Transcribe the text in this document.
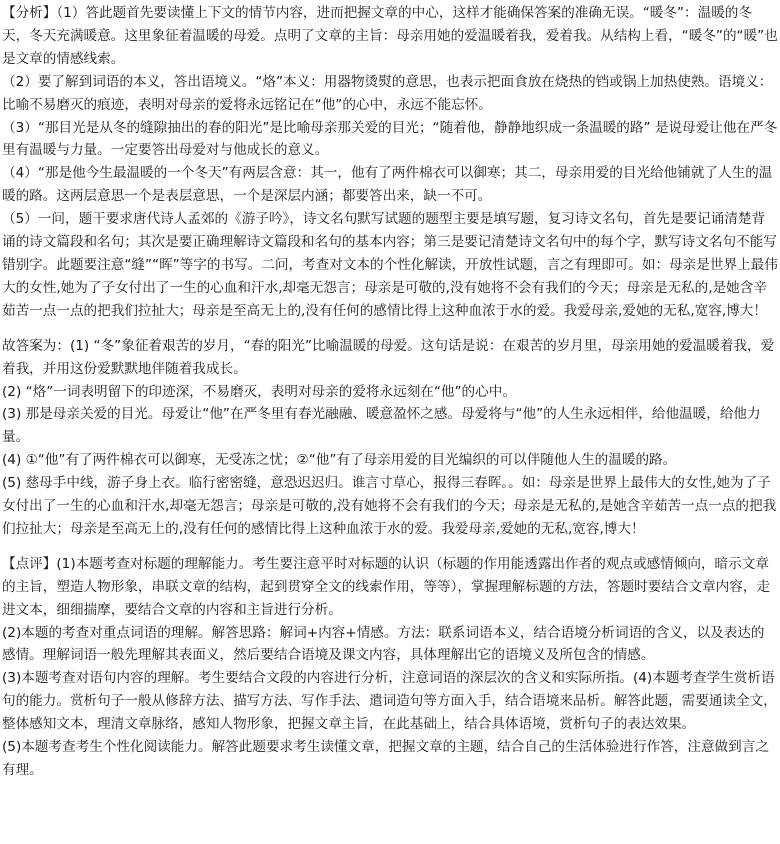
【分析】（1）答此题首先要读懂上下文的情节内容，进而把握文章的中心，这样才能确保答案的准确无误。“暖冬”：温暖的冬天，冬天充满暖意。这里象征着温暖的母爱。点明了文章的主旨：母亲用她的爱温暖着我，爱着我。从结构上看，“暖冬”的“暖”也是文章的情感线索。

（2）要了解到词语的本义，答出语境义。“烙”本义：用器物烫熨的意思，也表示把面食放在烧热的铛或锅上加热使熟。语境义：比喻不易磨灭的痕迹，表明对母亲的爱将永远铭记在“他”的心中，永远不能忘怀。

（3）“那目光是从冬的缝隙抽出的春的阳光”是比喻母亲那关爱的目光；“随着他，静静地织成一条温暖的路” 是说母爱让他在严冬里有温暖与力量。一定要答出母爱对与他成长的意义。

（4）“那是他今生最温暖的一个冬天”有两层含意：其一，他有了两件棉衣可以御寒；其二，母亲用爱的目光给他铺就了人生的温暖的路。这两层意思一个是表层意思，一个是深层内涵；都要答出来，缺一不可。

（5）一问，题干要求唐代诗人孟郊的《游子吟》，诗文名句默写试题的题型主要是填写题，复习诗文名句，首先是要记诵清楚背诵的诗文篇段和名句；其次是要正确理解诗文篇段和名句的基本内容；第三是要记清楚诗文名句中的每个字，默写诗文名句不能写错别字。此题要注意“缝”“晖”等字的书写。二问，考查对文本的个性化解读，开放性试题，言之有理即可。如：母亲是世界上最伟大的女性,她为了子女付出了一生的心血和汗水,却毫无怨言；母亲是可敬的,没有她将不会有我们的今天；母亲是无私的,是她含辛茹苦一点一点的把我们拉扯大；母亲是至高无上的,没有任何的感情比得上这种血浓于水的爱。我爱母亲,爱她的无私,宽容,博大！

故答案为：(1) “冬”象征着艰苦的岁月，“春的阳光”比喻温暖的母爱。这句话是说：在艰苦的岁月里，母亲用她的爱温暖着我，爱着我，并用这份爱默默地伴随着我成长。

(2) “烙”一词表明留下的印迹深，不易磨灭，表明对母亲的爱将永远刻在“他”的心中。

(3) 那是母亲关爱的目光。母爱让“他”在严冬里有春光融融、暖意盈怀之感。母爱将与“他”的人生永远相伴，给他温暖，给他力量。

(4) ①“他”有了两件棉衣可以御寒，无受冻之忧；②“他”有了母亲用爱的目光编织的可以伴随他人生的温暖的路。

(5) 慈母手中线，游子身上衣。临行密密缝，意恐迟迟归。谁言寸草心，报得三春晖。。如：母亲是世界上最伟大的女性,她为了子女付出了一生的心血和汗水,却毫无怨言；母亲是可敬的,没有她将不会有我们的今天；母亲是无私的,是她含辛茹苦一点一点的把我们拉扯大；母亲是至高无上的,没有任何的感情比得上这种血浓于水的爱。我爱母亲,爱她的无私,宽容,博大！

【点评】(1)本题考查对标题的理解能力。考生要注意平时对标题的认识（标题的作用能透露出作者的观点或感情倾向，暗示文章的主旨，塑造人物形象，串联文章的结构，起到贯穿全文的线索作用，等等），掌握理解标题的方法，答题时要结合文章内容，走进文本，细细揣摩，要结合文章的内容和主旨进行分析。

(2)本题的考查对重点词语的理解。解答思路：解词+内容+情感。方法：联系词语本义，结合语境分析词语的含义，以及表达的感情。理解词语一般先理解其表面义，然后要结合语境及课文内容，具体理解出它的语境义及所包含的情感。

(3)本题考查对语句内容的理解。考生要结合文段的内容进行分析，注意词语的深层次的含义和实际所指。(4)本题考查学生赏析语句的能力。赏析句子一般从修辞方法、描写方法、写作手法、遣词造句等方面入手，结合语境来品析。解答此题，需要通读全文，整体感知文本，理清文章脉络，感知人物形象，把握文章主旨，在此基础上，结合具体语境，赏析句子的表达效果。

(5)本题考查考生个性化阅读能力。解答此题要求考生读懂文章，把握文章的主题，结合自己的生活体验进行作答，注意做到言之有理。
